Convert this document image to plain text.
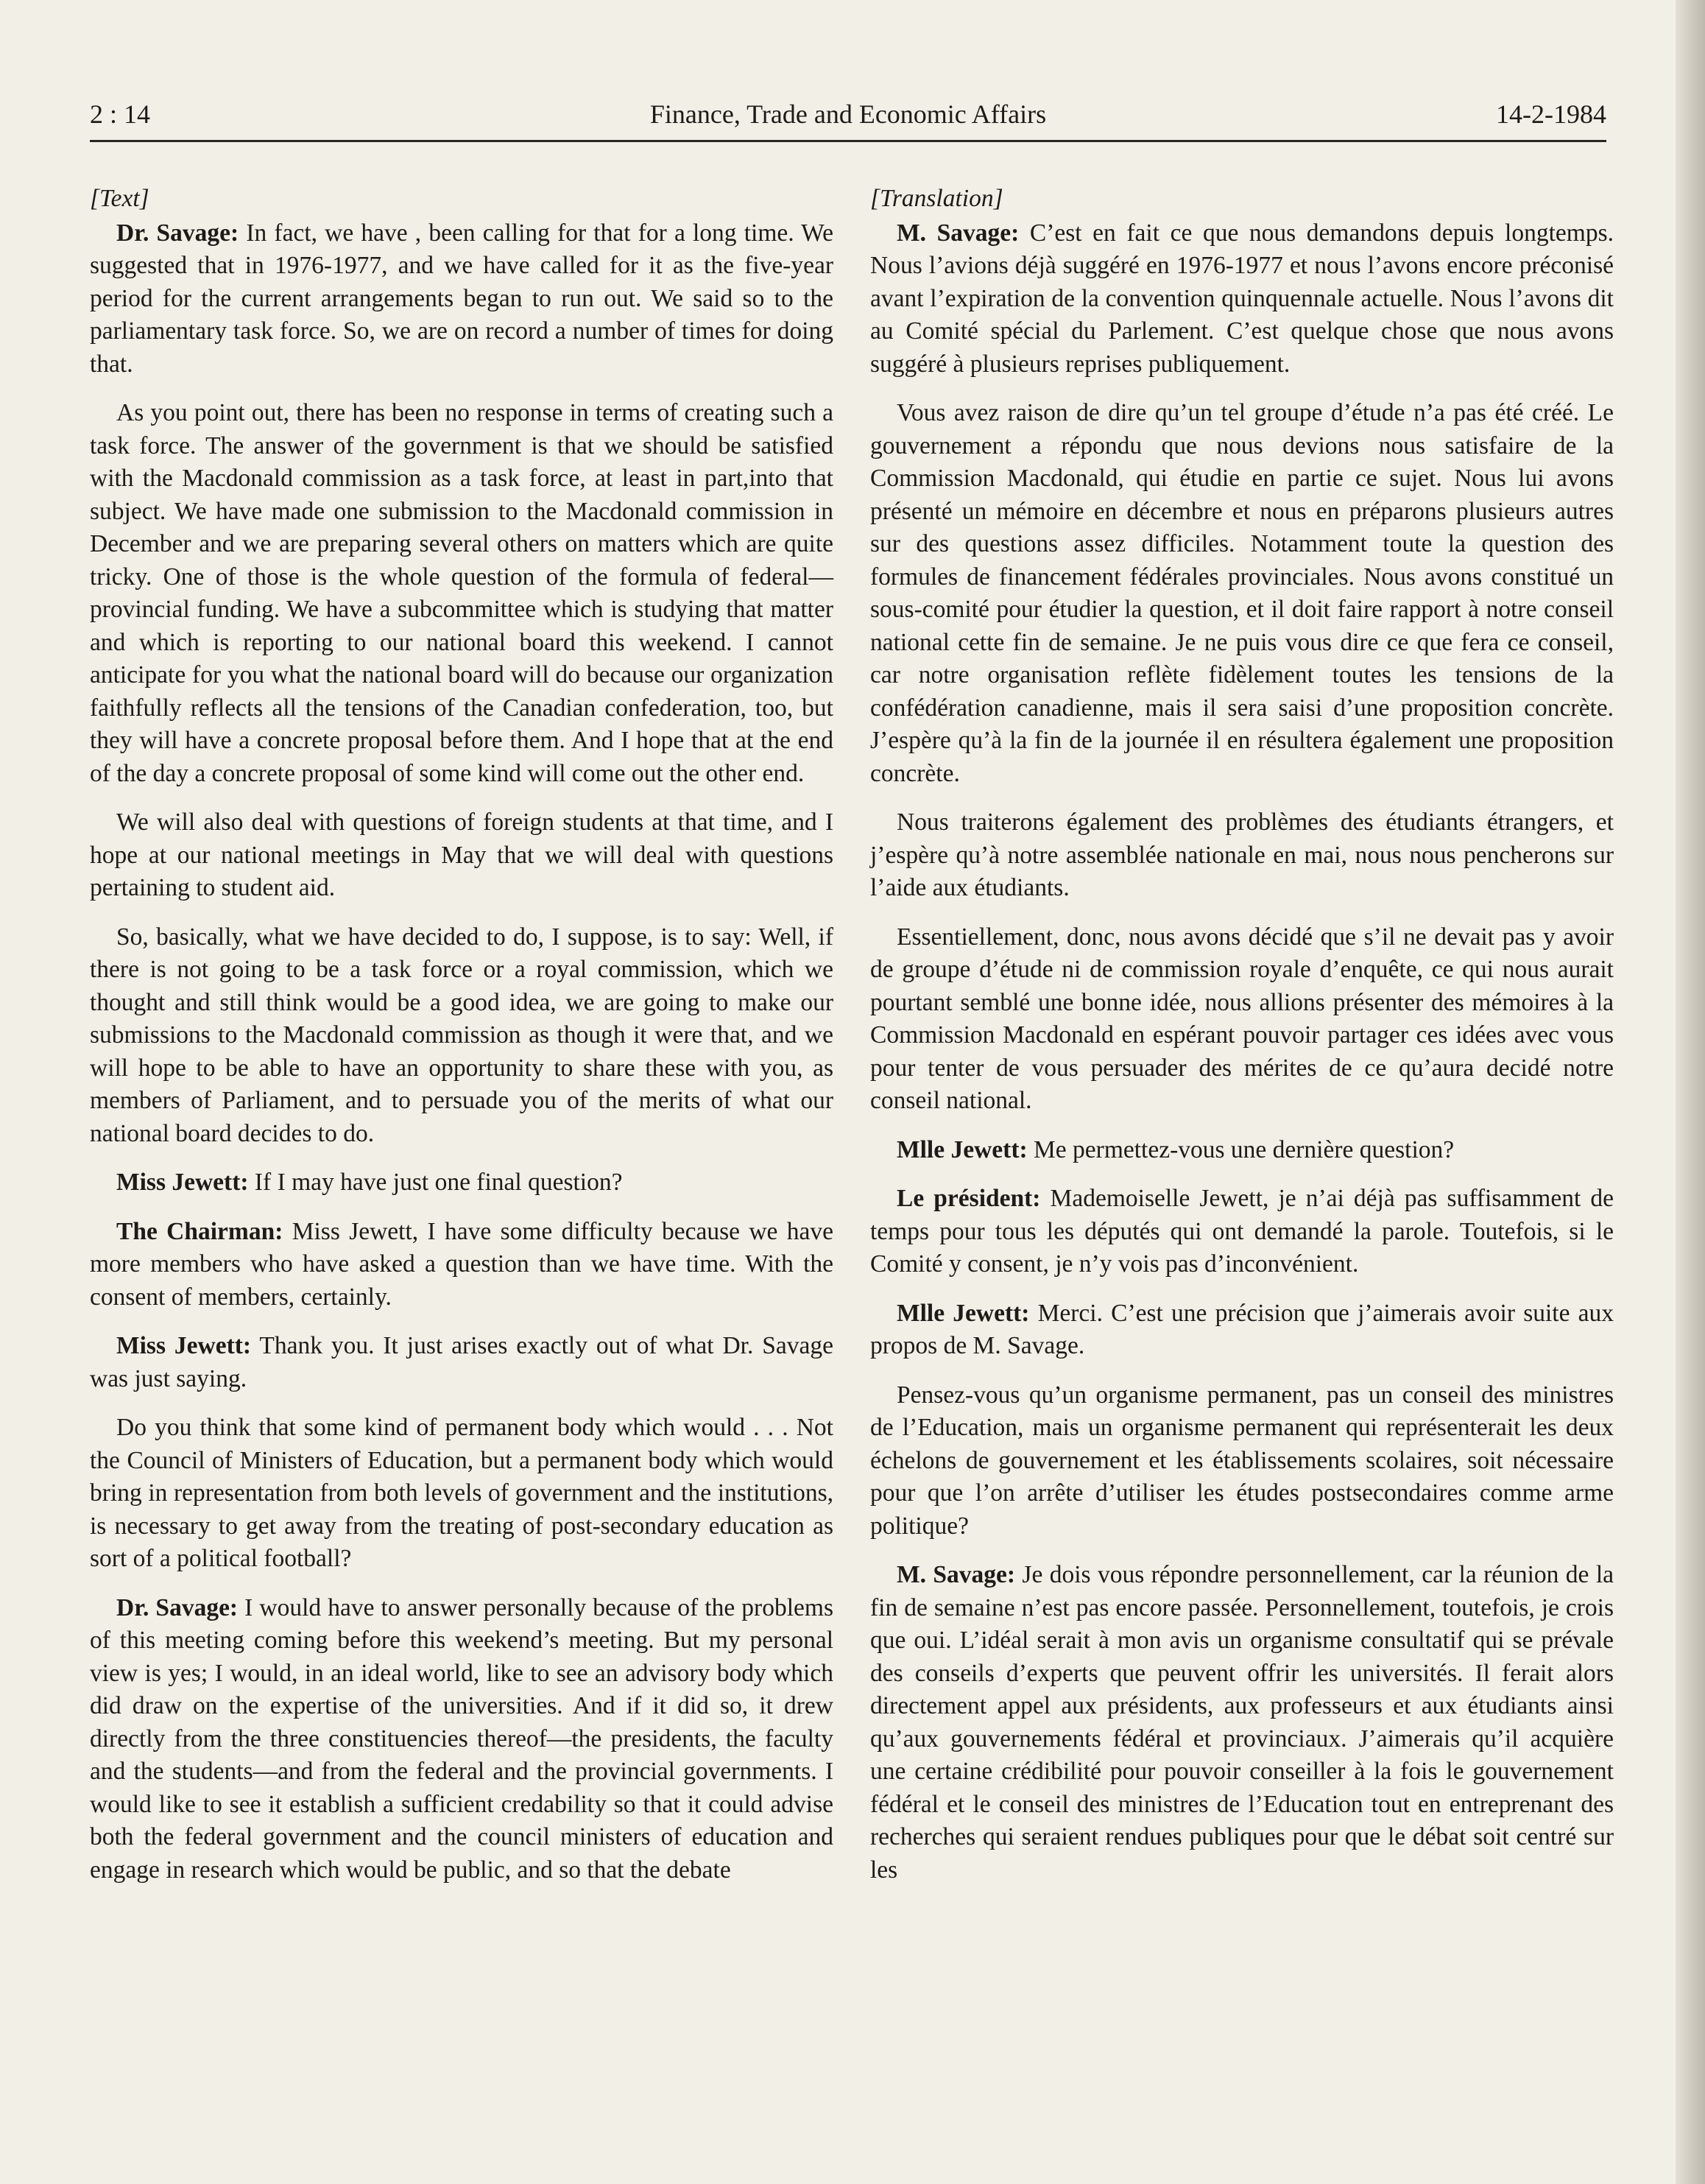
2 : 14	Finance, Trade and Economic Affairs	14-2-1984
[Text]

Dr. Savage: In fact, we have , been calling for that for a long time. We suggested that in 1976-1977, and we have called for it as the five-year period for the current arrangements began to run out. We said so to the parliamentary task force. So, we are on record a number of times for doing that.

As you point out, there has been no response in terms of creating such a task force. The answer of the government is that we should be satisfied with the Macdonald commission as a task force, at least in part,into that subject. We have made one submission to the Macdonald commission in December and we are preparing several others on matters which are quite tricky. One of those is the whole question of the formula of federal—provincial funding. We have a subcommittee which is studying that matter and which is reporting to our national board this weekend. I cannot anticipate for you what the national board will do because our organization faithfully reflects all the tensions of the Canadian confederation, too, but they will have a concrete proposal before them. And I hope that at the end of the day a concrete proposal of some kind will come out the other end.

We will also deal with questions of foreign students at that time, and I hope at our national meetings in May that we will deal with questions pertaining to student aid.

So, basically, what we have decided to do, I suppose, is to say: Well, if there is not going to be a task force or a royal commission, which we thought and still think would be a good idea, we are going to make our submissions to the Macdonald commission as though it were that, and we will hope to be able to have an opportunity to share these with you, as members of Parliament, and to persuade you of the merits of what our national board decides to do.

Miss Jewett: If I may have just one final question?

The Chairman: Miss Jewett, I have some difficulty because we have more members who have asked a question than we have time. With the consent of members, certainly.

Miss Jewett: Thank you. It just arises exactly out of what Dr. Savage was just saying.

Do you think that some kind of permanent body which would . . . Not the Council of Ministers of Education, but a permanent body which would bring in representation from both levels of government and the institutions, is necessary to get away from the treating of post-secondary education as sort of a political football?

Dr. Savage: I would have to answer personally because of the problems of this meeting coming before this weekend’s meeting. But my personal view is yes; I would, in an ideal world, like to see an advisory body which did draw on the expertise of the universities. And if it did so, it drew directly from the three constituencies thereof—the presidents, the faculty and the students—and from the federal and the provincial governments. I would like to see it establish a sufficient credability so that it could advise both the federal government and the council ministers of education and engage in research which would be public, and so that the debate

[Translation]

M. Savage: C’est en fait ce que nous demandons depuis longtemps. Nous l’avions déjà suggéré en 1976-1977 et nous l’avons encore préconisé avant l’expiration de la convention quinquennale actuelle. Nous l’avons dit au Comité spécial du Parlement. C’est quelque chose que nous avons suggéré à plusieurs reprises publiquement.

Vous avez raison de dire qu’un tel groupe d’étude n’a pas été créé. Le gouvernement a répondu que nous devions nous satisfaire de la Commission Macdonald, qui étudie en partie ce sujet. Nous lui avons présenté un mémoire en décembre et nous en préparons plusieurs autres sur des questions assez difficiles. Notamment toute la question des formules de financement fédérales provinciales. Nous avons constitué un sous-comité pour étudier la question, et il doit faire rapport à notre conseil national cette fin de semaine. Je ne puis vous dire ce que fera ce conseil, car notre organisation reflète fidèlement toutes les tensions de la confédération canadienne, mais il sera saisi d’une proposition concrète. J’espère qu’à la fin de la journée il en résultera également une proposition concrète.

Nous traiterons également des problèmes des étudiants étrangers, et j’espère qu’à notre assemblée nationale en mai, nous nous pencherons sur l’aide aux étudiants.

Essentiellement, donc, nous avons décidé que s’il ne devait pas y avoir de groupe d’étude ni de commission royale d’enquête, ce qui nous aurait pourtant semblé une bonne idée, nous allions présenter des mémoires à la Commission Macdonald en espérant pouvoir partager ces idées avec vous pour tenter de vous persuader des mérites de ce qu’aura decidé notre conseil national.

Mlle Jewett: Me permettez-vous une dernière question?

Le président: Mademoiselle Jewett, je n’ai déjà pas suffisamment de temps pour tous les députés qui ont demandé la parole. Toutefois, si le Comité y consent, je n’y vois pas d’inconvénient.

Mlle Jewett: Merci. C’est une précision que j’aimerais avoir suite aux propos de M. Savage.

Pensez-vous qu’un organisme permanent, pas un conseil des ministres de l’Education, mais un organisme permanent qui représenterait les deux échelons de gouvernement et les établissements scolaires, soit nécessaire pour que l’on arrête d’utiliser les études postsecondaires comme arme politique?

M. Savage: Je dois vous répondre personnellement, car la réunion de la fin de semaine n’est pas encore passée. Personnellement, toutefois, je crois que oui. L’idéal serait à mon avis un organisme consultatif qui se prévale des conseils d’experts que peuvent offrir les universités. Il ferait alors directement appel aux présidents, aux professeurs et aux étudiants ainsi qu’aux gouvernements fédéral et provinciaux. J’aimerais qu’il acquière une certaine crédibilité pour pouvoir conseiller à la fois le gouvernement fédéral et le conseil des ministres de l’Education tout en entreprenant des recherches qui seraient rendues publiques pour que le débat soit centré sur les
